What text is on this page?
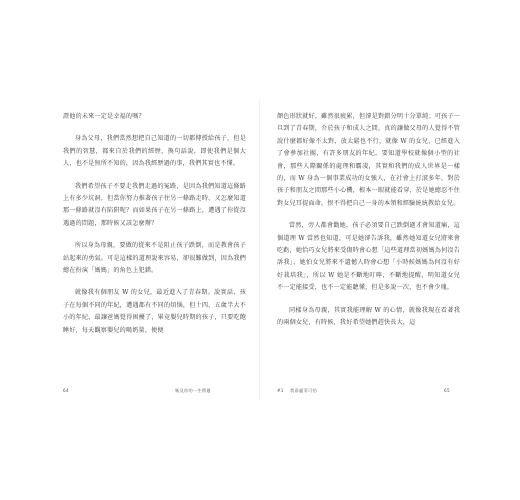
證他的未來一定是幸福的嗎？

身為父母，我們當然想把自己知道的一切都傳授給孩子，但是我們的智慧，都來自於我們的經歷，換句話說，即使我們是個大人，也不是無所不知的，因為我經歷過的事，我們其實也不懂。

我們希望孩子不要走我們走過的冤路，是因為我們知道這條路上有多少坑洞，但當你努力推著孩子往另一條路走時，又怎麼知道那一條路就沒有陷阱呢？而如果孩子在另一條路上，遭遇了你從沒遇過的問題，那時候又該怎麼辦？

所以身為母親，要做的從來不是阻止孩子跌倒，而是教會孩子站起來的勇氣。可是這樣的道理說來容易，卻很難做到，因為我們總在扮演「媽媽」的角色上犯錯。

就像我有個朋友 W 的女兒，最近進入了青春期。說實話，孩子在每個不同的年紀，遭遇都有不同的煩惱，但十四、五歲半大不小的年紀，最讓爸媽覺得困擾了，畢竟嬰兒時期的孩子，只要吃飽睡好，每天觀察嬰兒的喝奶量，便便

顏色形狀就好，雖然很疲累，但卻是對錯分明十分單純；可孩子一旦到了青春期，介於孩子和成人之間，真的讓做父母的人覺得不管說什麼都好像不太對，放太鬆也不行，就像 W 的女兒，已經進入了會參加社團，有許多朋友的年紀。要知道學校就像個小型的社會，那些人際關係的處理和霸凌，其實和我們的成人世界是一樣的，而 W 身為一個事業成功的女強人，在社會上打滾多年，對於孩子和朋友之間那些小心機，根本一眼就能看穿，於是她總忍不住對女兒耳提面命，恨不得把自己一身的本領和經驗統統教給女兒。

當然，旁人都會勸她，孩子必須要自己跌倒過才會知道痛，這個道理 W 當然也知道，可是她卻告訴我，雖然她知道女兒將來會吃虧，她恰巧女兒將來受傷時會心想「這些道理當初媽媽為何沒告訴我」，她怕女兒將來不遺憾人時會心想「小時候媽媽為何沒有好好栽培我」，所以 W 她是不斷地叮嚀，不斷地提醒，明知道女兒不一定能接受，也不一定能聽懂，但是多說一次，也不會少塊。

同樣身為母親，其實我能理解 W 的心情，就像我現在看著我的兩個女兒，有時候，我好希望她們趕快長大，這

64	媽及你的一生傳遞	#1 我看麗菲可怕	65
